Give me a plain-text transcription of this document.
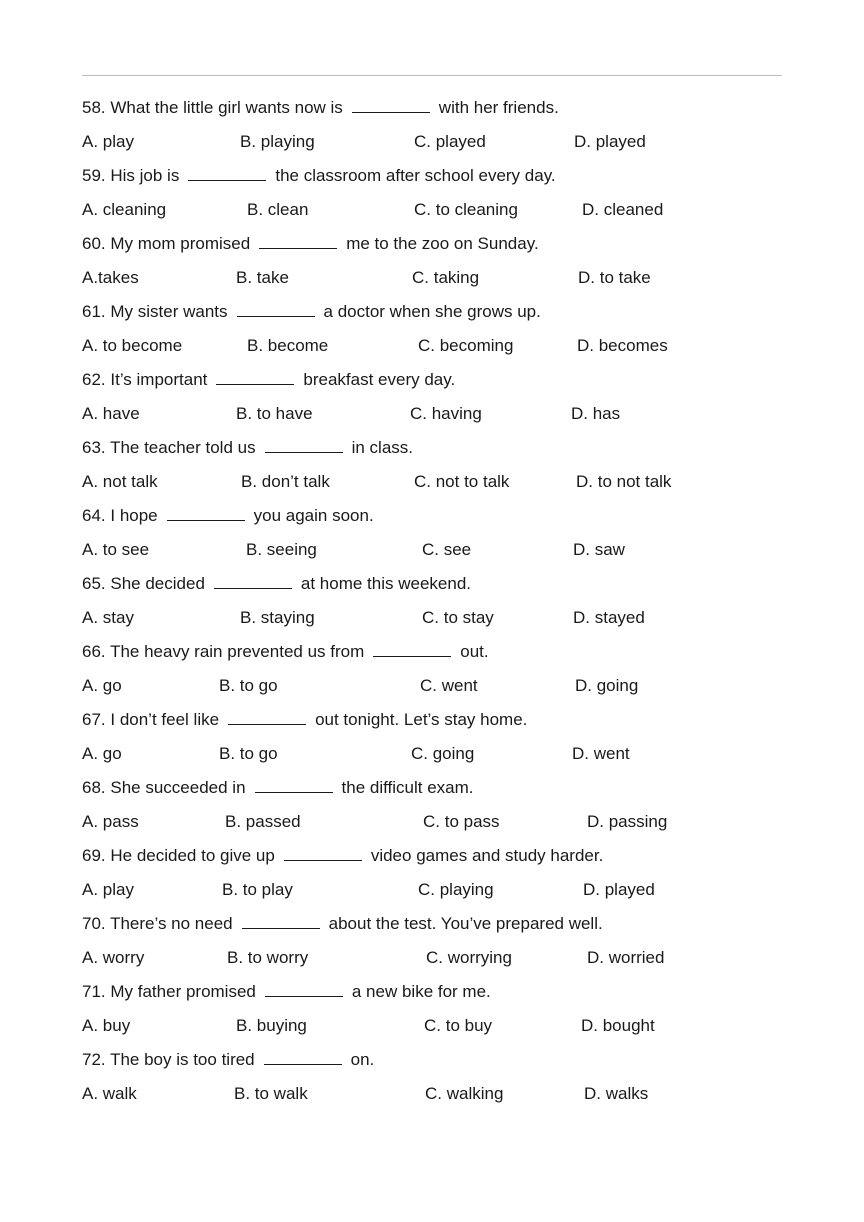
58. What the little girl wants now is	with her friends.
A. play	B. playing	C. played	D. played
59. His job is	the classroom after school every day.
A. cleaning	B. clean	C. to cleaning	D. cleaned
60. My mom promised	me to the zoo on Sunday.
A.takes	B. take	C. taking	D. to take
61. My sister wants	a doctor when she grows up.
A. to become	B. become	C. becoming	D. becomes
62. It’s important	breakfast every day.
A. have	B. to have	C. having	D. has
63. The teacher told us	in class.
A. not talk	B. don’t talk	C. not to talk	D. to not talk
64. I hope	you again soon.
A. to see	B. seeing	C. see	D. saw
65. She decided	at home this weekend.
A. stay	B. staying	C. to stay	D. stayed
66. The heavy rain prevented us from	out.
A. go	B. to go	C. went	D. going
67. I don’t feel like	out tonight. Let’s stay home.
A. go	B. to go	C. going	D. went
68. She succeeded in	the difficult exam.
A. pass	B. passed	C. to pass	D. passing
69. He decided to give up	video games and study harder.
A. play	B. to play	C. playing	D. played
70. There’s no need	about the test. You’ve prepared well.
A. worry	B. to worry	C. worrying	D. worried
71. My father promised	a new bike for me.
A. buy	B. buying	C. to buy	D. bought
72. The boy is too tired	on.
A. walk	B. to walk	C. walking	D. walks
